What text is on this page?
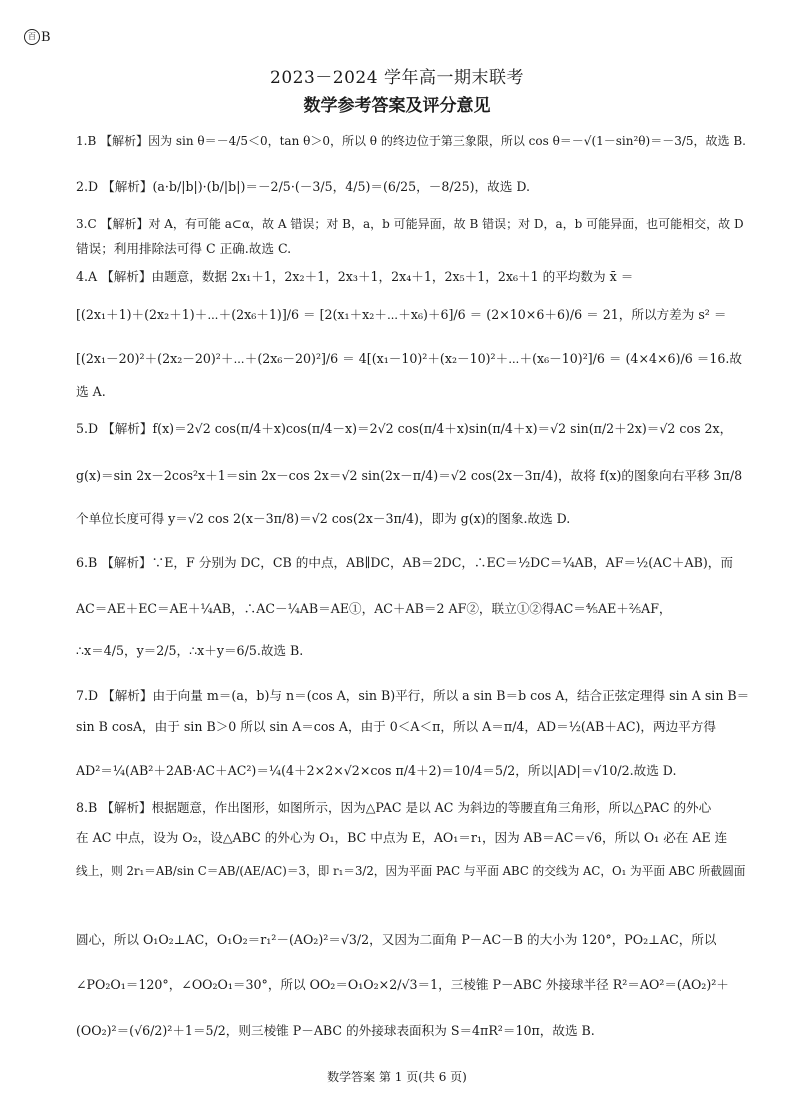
百 B
2023－2024 学年高一期末联考
数学参考答案及评分意见
1.B 【解析】因为 sin θ＝－4/5＜0，tan θ＞0，所以 θ 的终边位于第三象限，所以 cos θ＝－√(1－sin²θ)＝－3/5，故选 B.
2.D 【解析】(a·b/|b|)·(b/|b|)＝－2/5·(－3/5，4/5)＝(6/25，－8/25)，故选 D.
3.C 【解析】对 A，有可能 a⊂α，故 A 错误；对 B，a，b 可能异面，故 B 错误；对 D，a，b 可能异面，也可能相交，故 D
错误；利用排除法可得 C 正确.故选 C.
4.A 【解析】由题意，数据 2x₁＋1，2x₂＋1，2x₃＋1，2x₄＋1，2x₅＋1，2x₆＋1 的平均数为 x̄ ＝
[(2x₁＋1)＋(2x₂＋1)＋⋯＋(2x₆＋1)]/6 ＝ [2(x₁＋x₂＋⋯＋x₆)＋6]/6 ＝ (2×10×6＋6)/6 ＝ 21，所以方差为 s² ＝
[(2x₁－20)²＋(2x₂－20)²＋⋯＋(2x₆－20)²]/6 ＝ 4[(x₁－10)²＋(x₂－10)²＋⋯＋(x₆－10)²]/6 ＝ (4×4×6)/6 ＝16.故
选 A.
5.D 【解析】f(x)＝2√2 cos(π/4＋x)cos(π/4－x)＝2√2 cos(π/4＋x)sin(π/4＋x)＝√2 sin(π/2＋2x)＝√2 cos 2x，
g(x)＝sin 2x－2cos²x＋1＝sin 2x－cos 2x＝√2 sin(2x－π/4)＝√2 cos(2x－3π/4)，故将 f(x)的图象向右平移 3π/8
个单位长度可得 y＝√2 cos 2(x－3π/8)＝√2 cos(2x－3π/4)，即为 g(x)的图象.故选 D.
6.B 【解析】∵E，F 分别为 DC，CB 的中点，AB∥DC，AB＝2DC，∴EC＝½DC＝¼AB，AF＝½(AC＋AB)，而
AC＝AE＋EC＝AE＋¼AB，∴AC－¼AB＝AE①，AC＋AB＝2 AF②，联立①②得AC＝⅘AE＋⅖AF，
∴x＝4/5，y＝2/5，∴x＋y＝6/5.故选 B.
7.D 【解析】由于向量 m＝(a，b)与 n＝(cos A，sin B)平行，所以 a sin B＝b cos A，结合正弦定理得 sin A sin B＝
sin B cosA，由于 sin B＞0 所以 sin A＝cos A，由于 0＜A＜π，所以 A＝π/4，AD＝½(AB＋AC)，两边平方得
AD²＝¼(AB²＋2AB·AC＋AC²)＝¼(4＋2×2×√2×cos π/4＋2)＝10/4＝5/2，所以|AD|＝√10/2.故选 D.
8.B 【解析】根据题意，作出图形，如图所示，因为△PAC 是以 AC 为斜边的等腰直角三角形，所以△PAC 的外心
在 AC 中点，设为 O₂，设△ABC 的外心为 O₁，BC 中点为 E，AO₁＝r₁，因为 AB＝AC＝√6，所以 O₁ 必在 AE 连
线上，则 2r₁＝AB/sin C＝AB/(AE/AC)＝3，即 r₁＝3/2，因为平面 PAC 与平面 ABC 的交线为 AC，O₁ 为平面 ABC 所截圆面
圆心，所以 O₁O₂⊥AC，O₁O₂＝r₁²－(AO₂)²＝√3/2，又因为二面角 P－AC－B 的大小为 120°，PO₂⊥AC，所以
∠PO₂O₁＝120°，∠OO₂O₁＝30°，所以 OO₂＝O₁O₂×2/√3＝1，三棱锥 P－ABC 外接球半径 R²＝AO²＝(AO₂)²＋
(OO₂)²＝(√6/2)²＋1＝5/2，则三棱锥 P－ABC 的外接球表面积为 S＝4πR²＝10π，故选 B.
数学答案 第 1 页(共 6 页)
